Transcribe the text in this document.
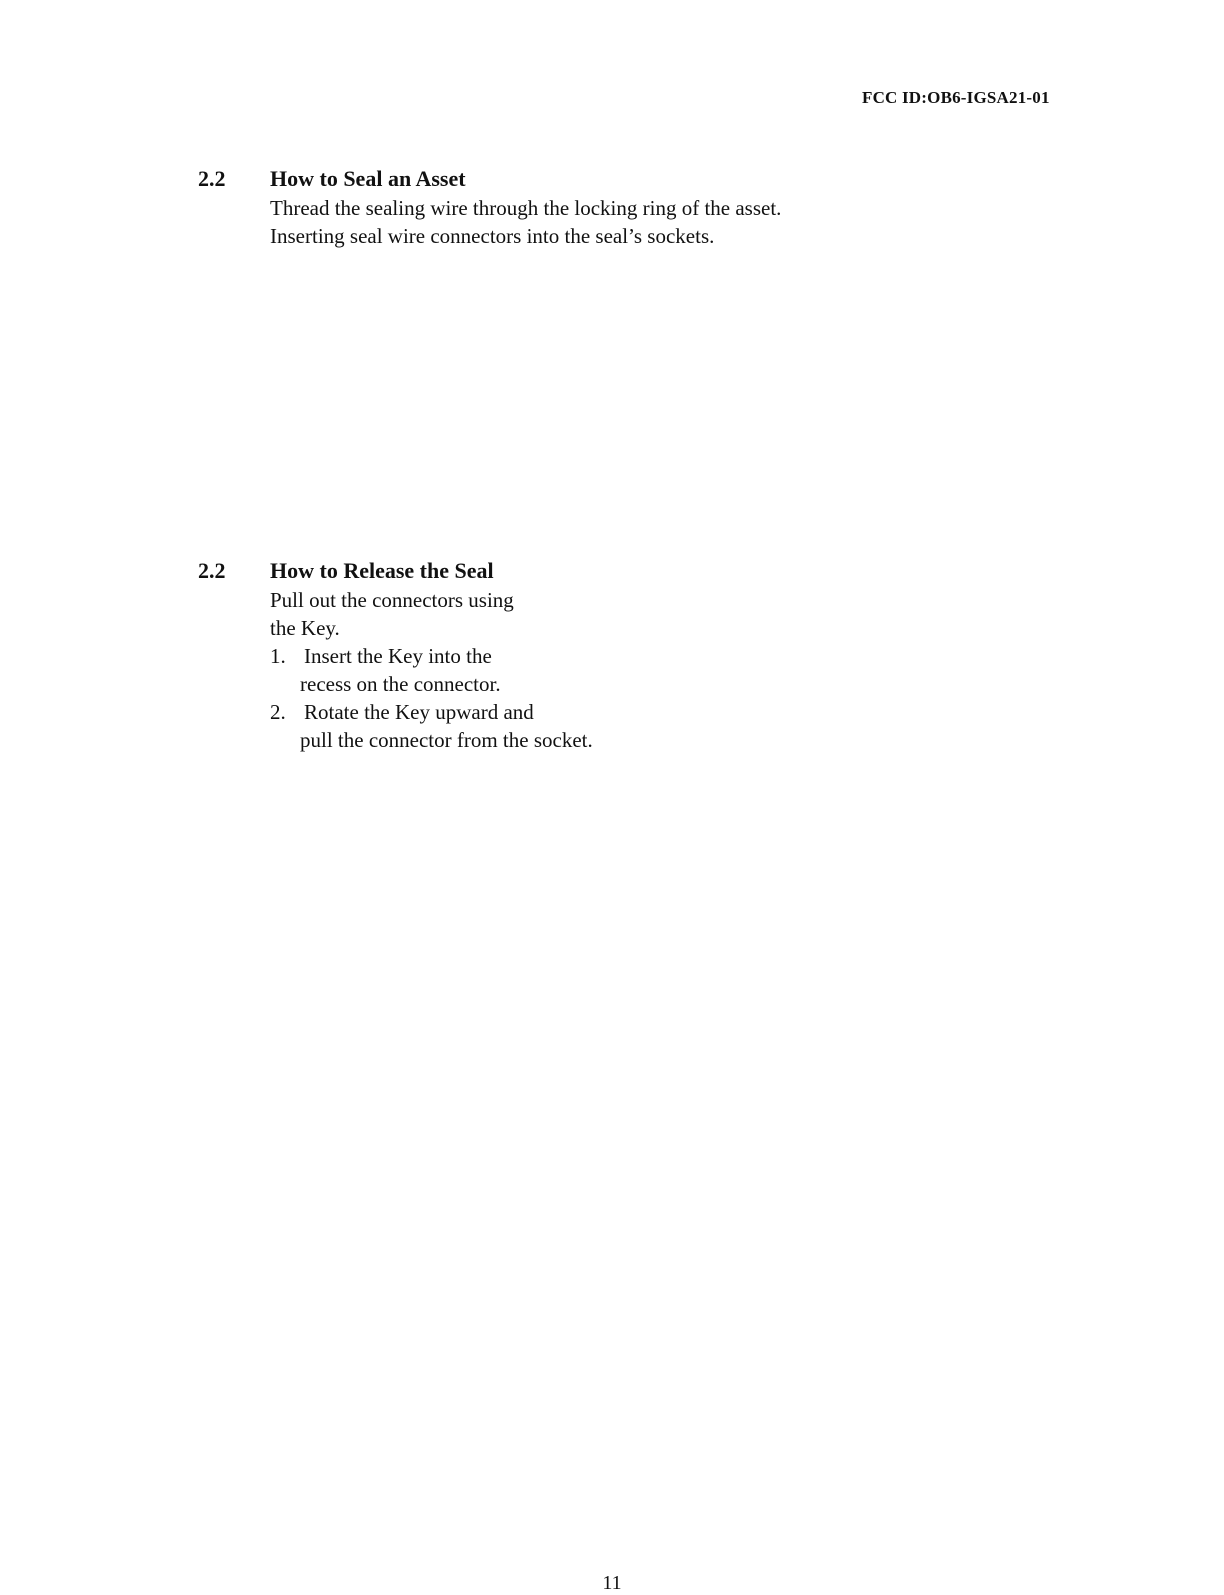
FCC ID:OB6-IGSA21-01
2.2 How to Seal an Asset
Thread the sealing wire through the locking ring of the asset.
Inserting seal wire connectors into the seal’s sockets.
2.2 How to Release the Seal
Pull out the connectors using
the Key.
1. Insert the Key into the
recess on the connector.
2. Rotate the Key upward and
pull the connector from the socket.
11
